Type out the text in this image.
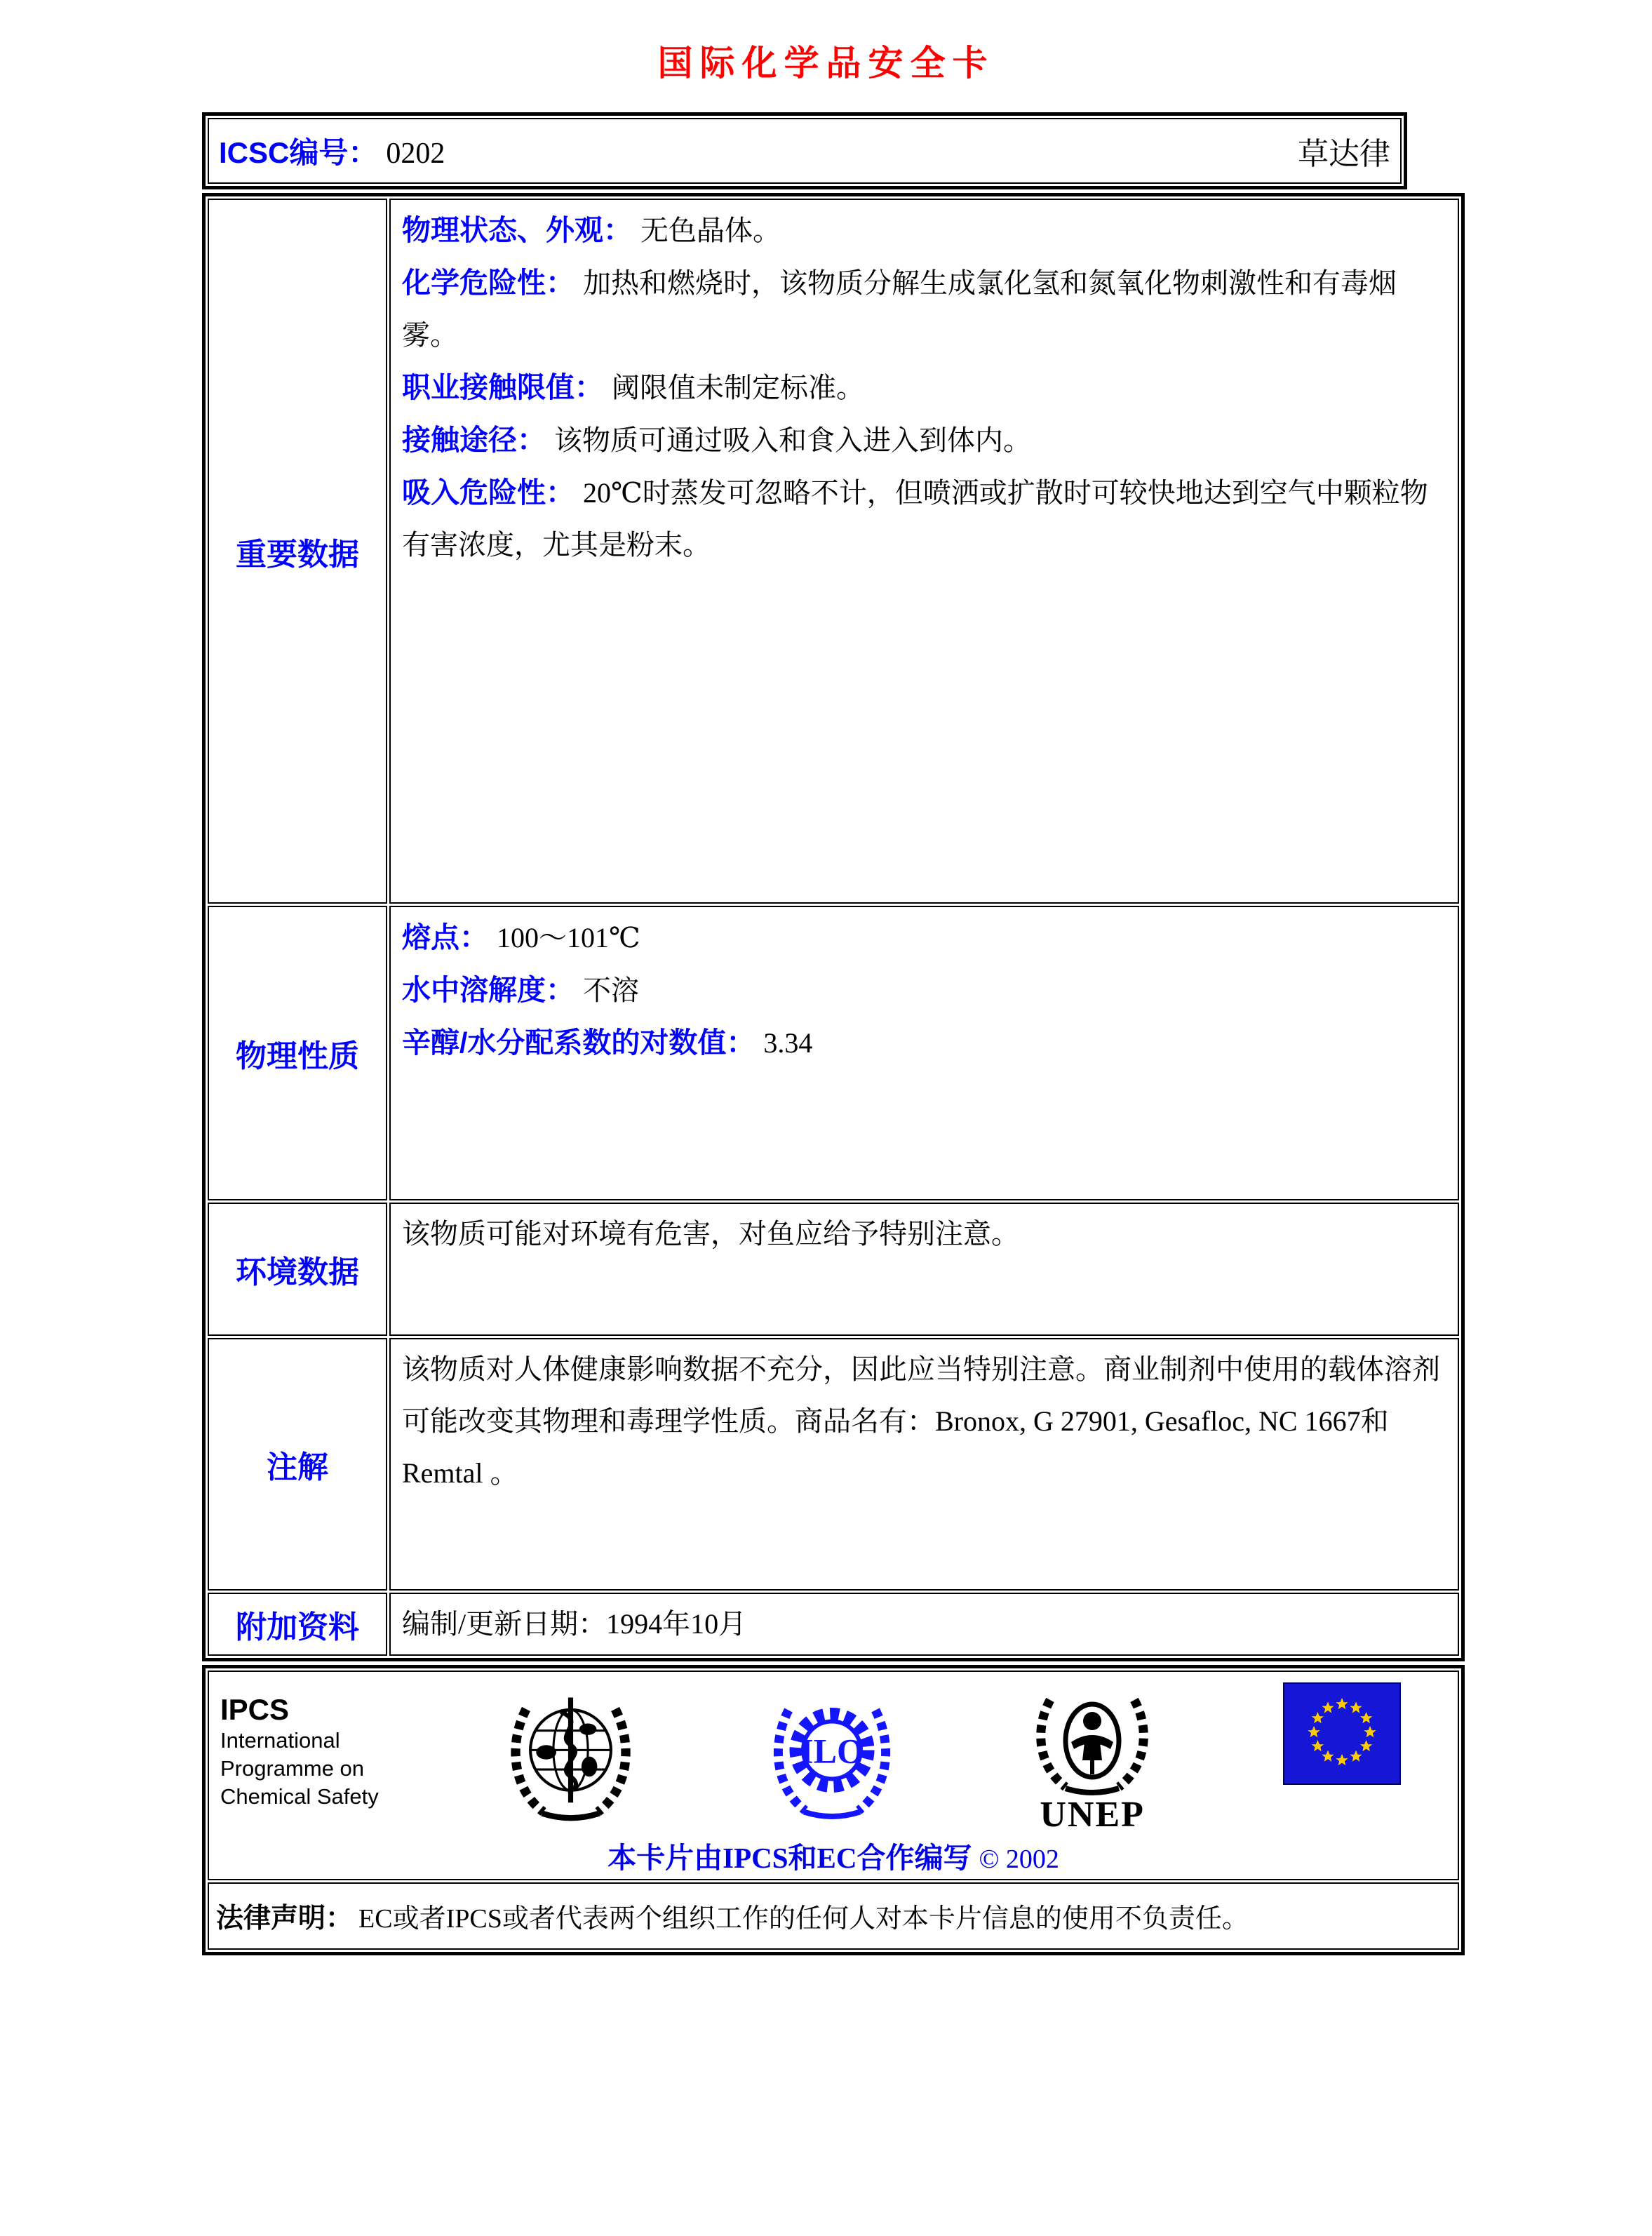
国际化学品安全卡
ICSC编号： 0202	草达律
重要数据	物理状态、外观： 无色晶体。
化学危险性： 加热和燃烧时，该物质分解生成氯化氢和氮氧化物刺激性和有毒烟雾。
职业接触限值： 阈限值未制定标准。
接触途径： 该物质可通过吸入和食入进入到体内。
吸入危险性： 20℃时蒸发可忽略不计，但喷洒或扩散时可较快地达到空气中颗粒物有害浓度，尤其是粉末。

物理性质	熔点： 100～101℃
水中溶解度： 不溶
辛醇/水分配系数的对数值： 3.34

环境数据	该物质可能对环境有危害，对鱼应给予特别注意。

注解	该物质对人体健康影响数据不充分，因此应当特别注意。商业制剂中使用的载体溶剂可能改变其物理和毒理学性质。商品名有：Bronox, G 27901, Gesafloc, NC 1667和Remtal 。

附加资料	编制/更新日期：1994年10月
IPCS
International
Programme on
Chemical Safety
ILO
UNEP
本卡片由IPCS和EC合作编写 © 2002

法律声明： EC或者IPCS或者代表两个组织工作的任何人对本卡片信息的使用不负责任。
